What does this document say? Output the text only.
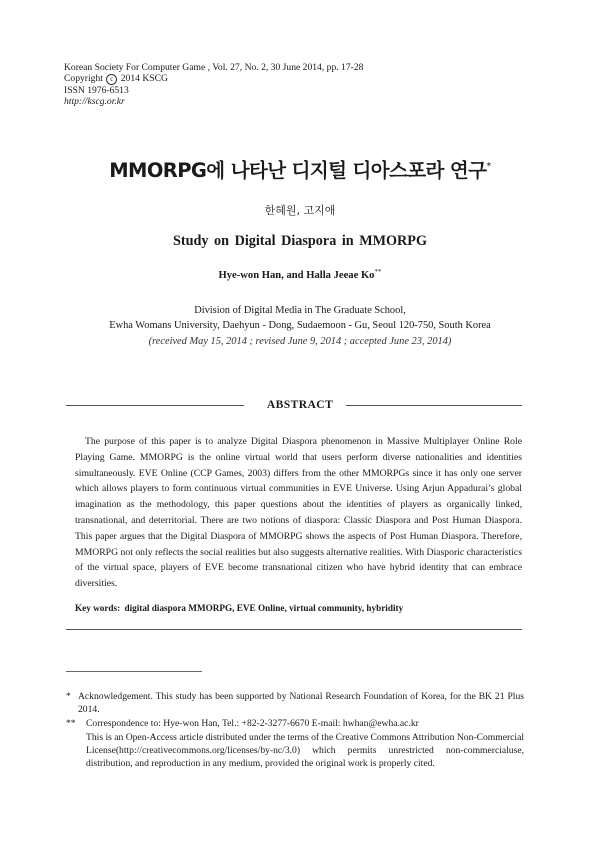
Korean Society For Computer Game , Vol. 27, No. 2, 30 June 2014, pp. 17-28
Copyright c 2014 KSCG
ISSN 1976-6513
http://kscg.or.kr
MMORPG에 나타난 디지털 디아스포라 연구*
한혜원, 고지애
Study on Digital Diaspora in MMORPG
Hye-won Han, and Halla Jeeae Ko**
Division of Digital Media in The Graduate School,
Ewha Womans University, Daehyun - Dong, Sudaemoon - Gu, Seoul 120-750, South Korea
(received May 15, 2014 ; revised June 9, 2014 ; accepted June 23, 2014)
ABSTRACT

The purpose of this paper is to analyze Digital Diaspora phenomenon in Massive Multiplayer Online Role Playing Game. MMORPG is the online virtual world that users perform diverse nationalities and identities simultaneously. EVE Online (CCP Games, 2003) differs from the other MMORPGs since it has only one server which allows players to form continuous virtual communities in EVE Universe. Using Arjun Appadurai’s global imagination as the methodology, this paper questions about the identities of players as organically linked, transnational, and deterritorial. There are two notions of diaspora: Classic Diaspora and Post Human Diaspora. This paper argues that the Digital Diaspora of MMORPG shows the aspects of Post Human Diaspora. Therefore, MMORPG not only reflects the social realities but also suggests alternative realities. With Diasporic characteristics of the virtual space, players of EVE become transnational citizen who have hybrid identity that can embrace diversities.

Key words: digital diaspora MMORPG, EVE Online, virtual community, hybridity
* Acknowledgement. This study has been supported by National Research Foundation of Korea, for the BK 21 Plus 2014.
** Correspondence to: Hye-won Han, Tel.: +82-2-3277-6670 E-mail: hwhan@ewha.ac.kr
This is an Open-Access article distributed under the terms of the Creative Commons Attribution Non-Commercial License(http://creativecommons.org/licenses/by-nc/3.0) which permits unrestricted non-commercialuse, distribution, and reproduction in any medium, provided the original work is properly cited.
